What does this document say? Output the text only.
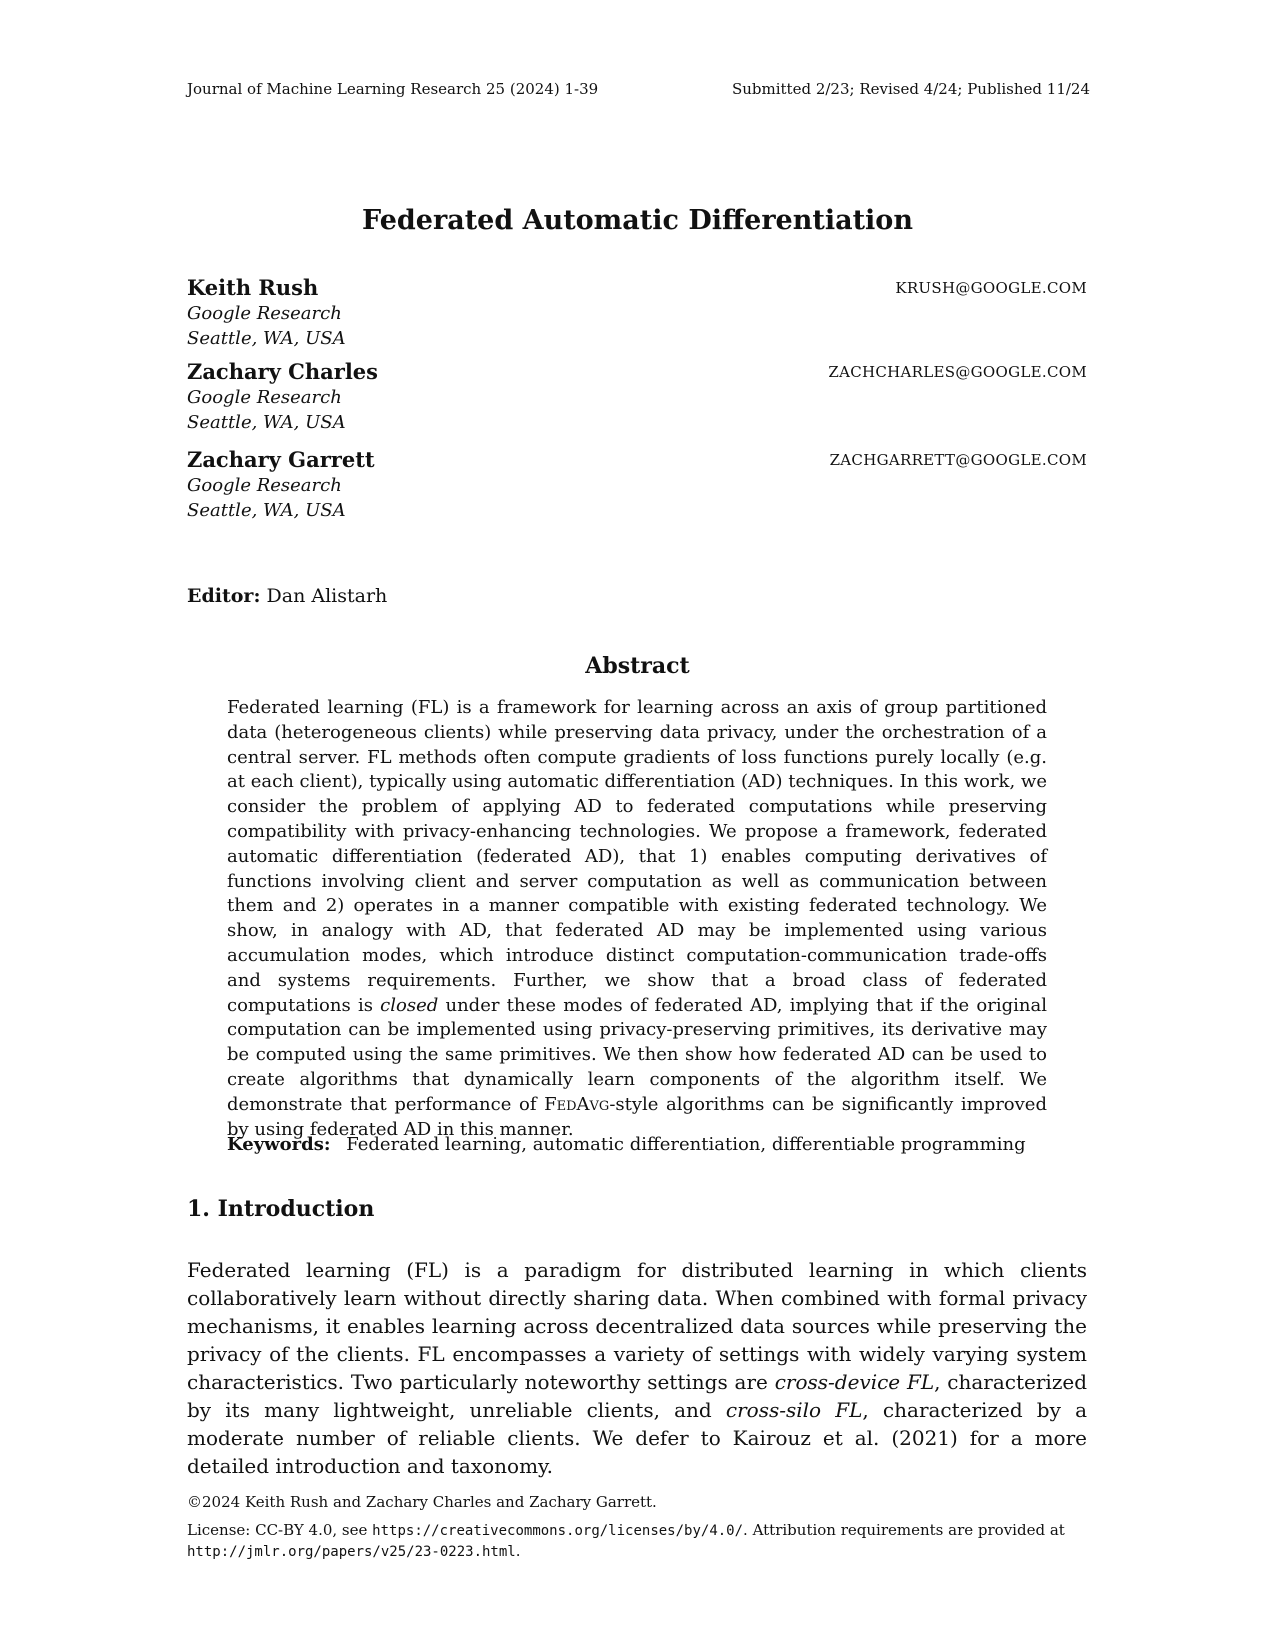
Journal of Machine Learning Research 25 (2024) 1-39	Submitted 2/23; Revised 4/24; Published 11/24
Federated Automatic Differentiation
Keith Rush
Google Research
Seattle, WA, USA
KRUSH@GOOGLE.COM
Zachary Charles
Google Research
Seattle, WA, USA
ZACHCHARLES@GOOGLE.COM
Zachary Garrett
Google Research
Seattle, WA, USA
ZACHGARRETT@GOOGLE.COM
Editor: Dan Alistarh
Abstract
Federated learning (FL) is a framework for learning across an axis of group partitioned data (heterogeneous clients) while preserving data privacy, under the orchestration of a central server. FL methods often compute gradients of loss functions purely locally (e.g. at each client), typically using automatic differentiation (AD) techniques. In this work, we consider the problem of applying AD to federated computations while preserving compatibility with privacy-enhancing technologies. We propose a framework, federated automatic differentiation (federated AD), that 1) enables computing derivatives of functions involving client and server computation as well as communication between them and 2) operates in a manner compatible with existing federated technology. We show, in analogy with AD, that federated AD may be implemented using various accumulation modes, which introduce distinct computation-communication trade-offs and systems requirements. Further, we show that a broad class of federated computations is closed under these modes of federated AD, implying that if the original computation can be implemented using privacy-preserving primitives, its derivative may be computed using the same primitives. We then show how federated AD can be used to create algorithms that dynamically learn components of the algorithm itself. We demonstrate that performance of FedAvg-style algorithms can be significantly improved by using federated AD in this manner.
Keywords: Federated learning, automatic differentiation, differentiable programming
1. Introduction
Federated learning (FL) is a paradigm for distributed learning in which clients collaboratively learn without directly sharing data. When combined with formal privacy mechanisms, it enables learning across decentralized data sources while preserving the privacy of the clients. FL encompasses a variety of settings with widely varying system characteristics. Two particularly noteworthy settings are cross-device FL, characterized by its many lightweight, unreliable clients, and cross-silo FL, characterized by a moderate number of reliable clients. We defer to Kairouz et al. (2021) for a more detailed introduction and taxonomy.
©2024 Keith Rush and Zachary Charles and Zachary Garrett.
License: CC-BY 4.0, see https://creativecommons.org/licenses/by/4.0/. Attribution requirements are provided at http://jmlr.org/papers/v25/23-0223.html.
